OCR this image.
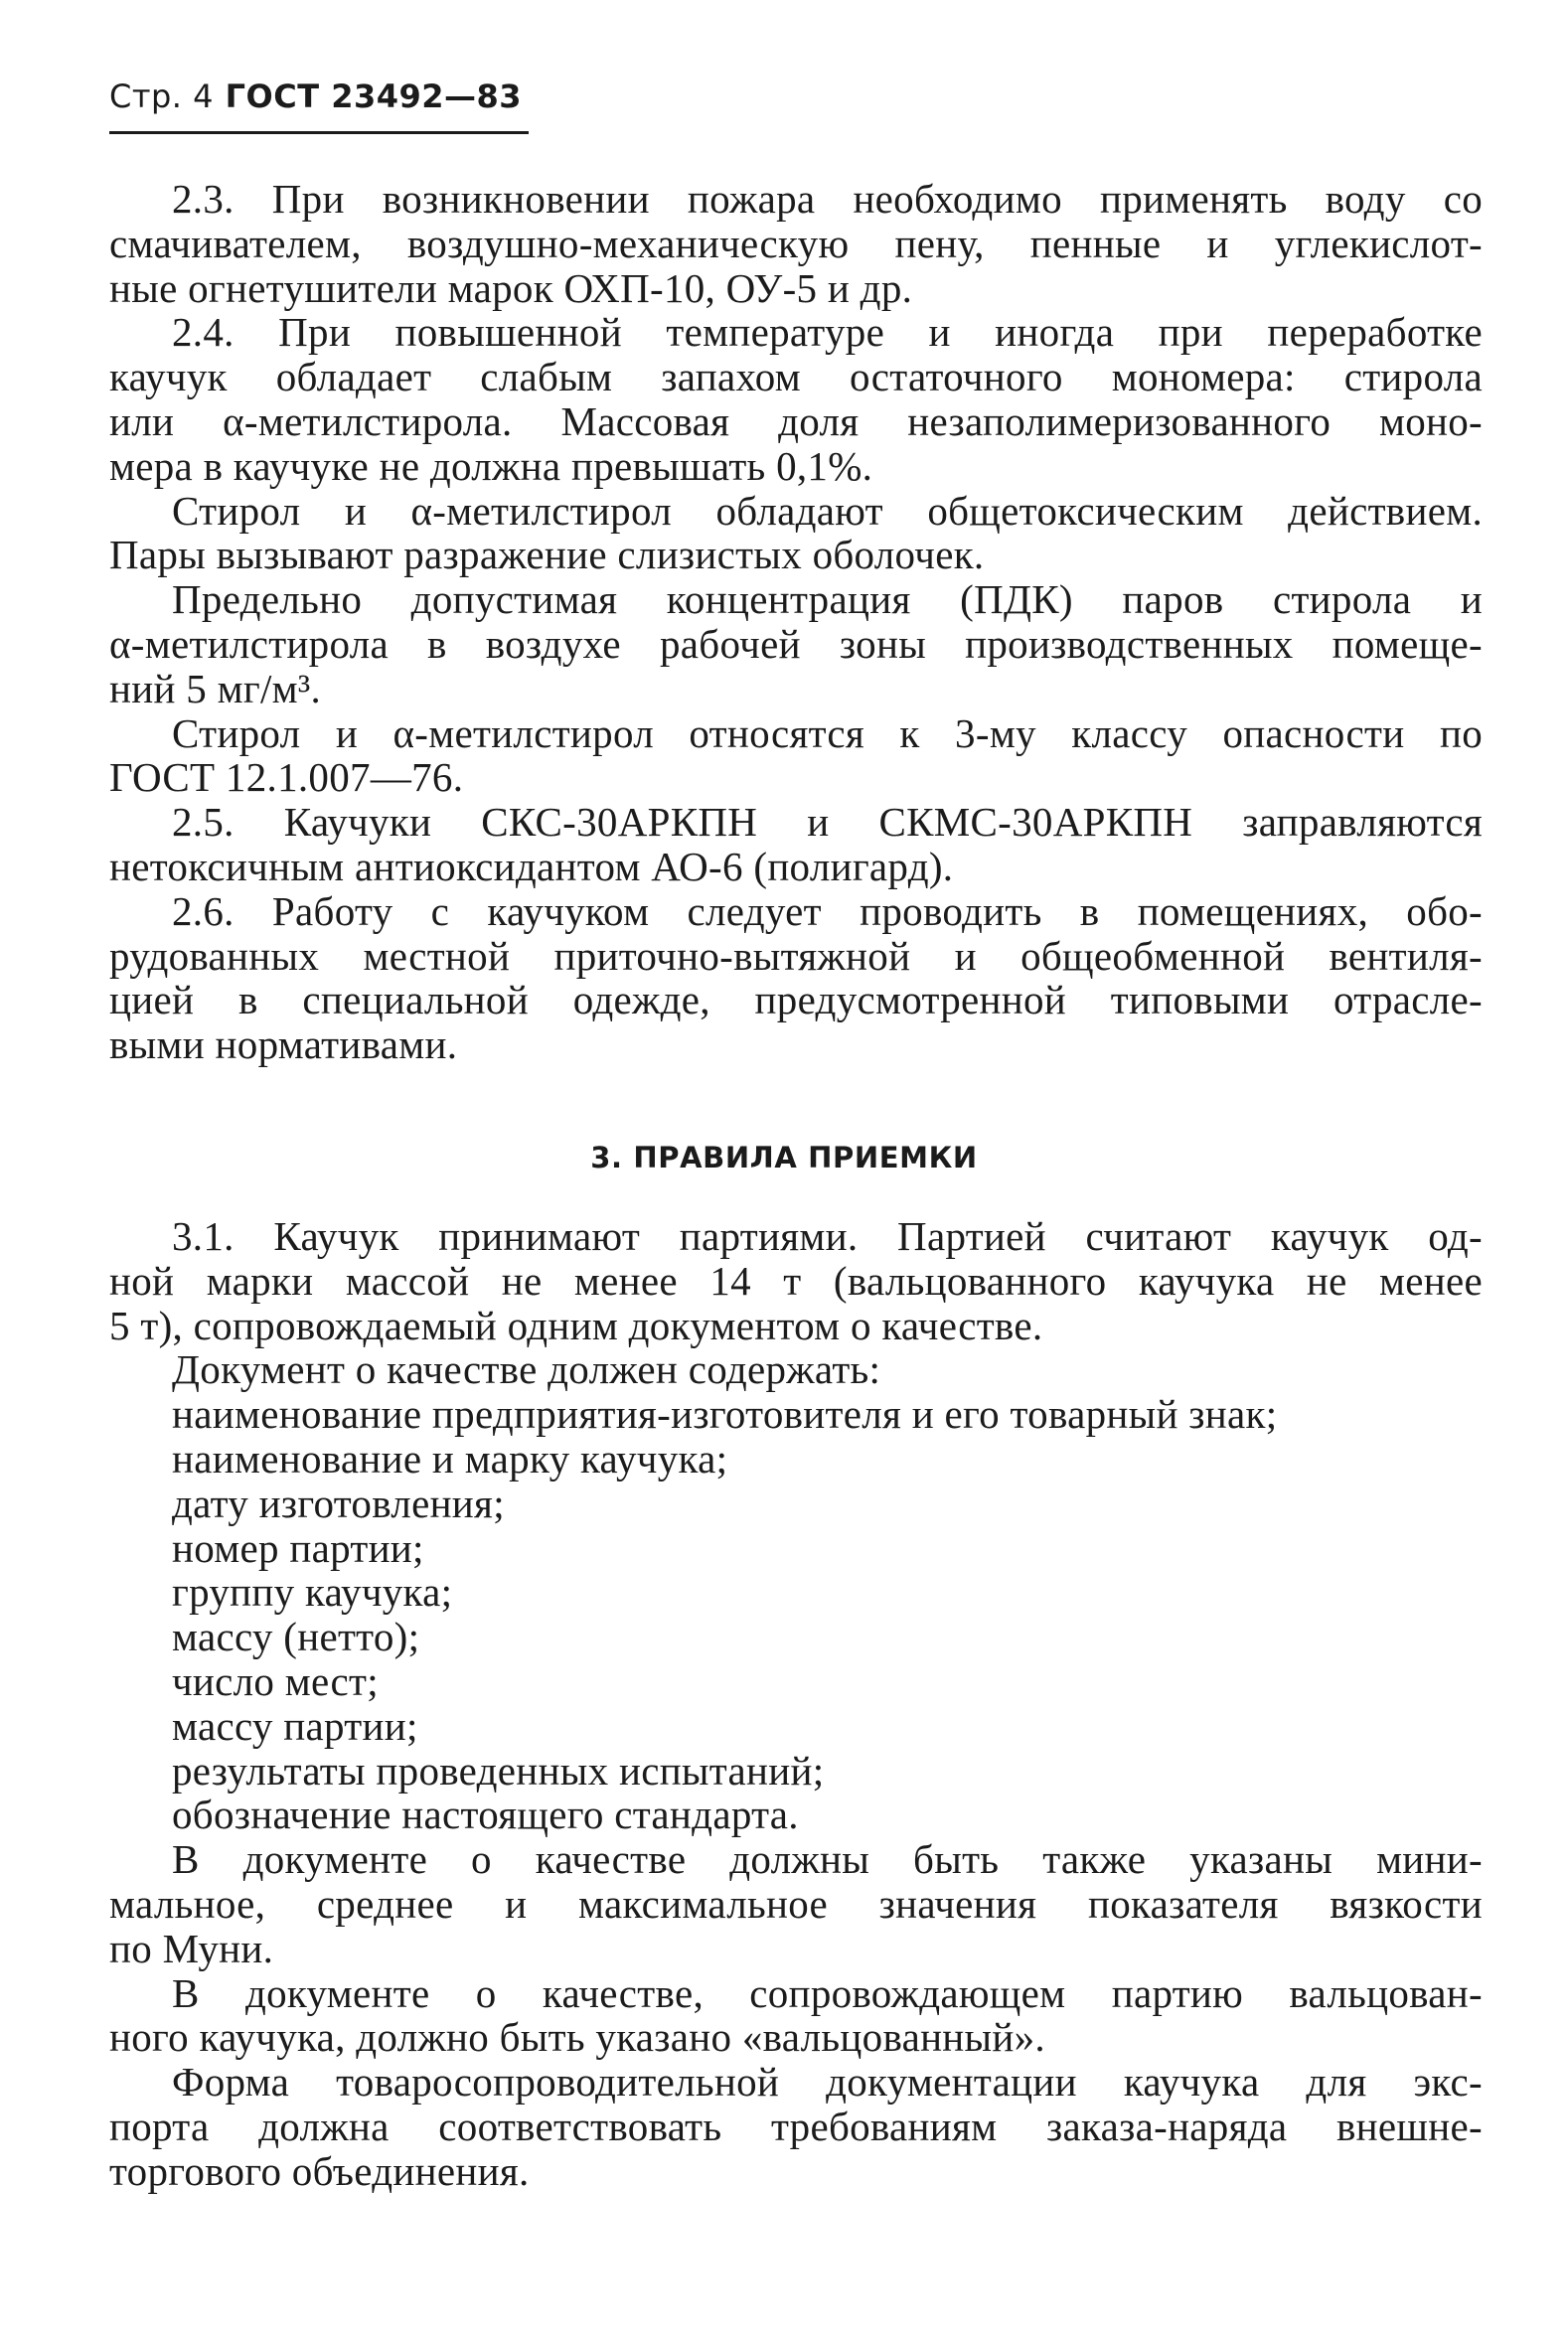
Стр. 4 ГОСТ 23492—83
2.3. При возникновении пожара необходимо применять воду со
смачивателем, воздушно-механическую пену, пенные и углекислот-
ные огнетушители марок ОХП-10, ОУ-5 и др.
2.4. При повышенной температуре и иногда при переработке
каучук обладает слабым запахом остаточного мономера: стирола
или α-метилстирола. Массовая доля незаполимеризованного моно-
мера в каучуке не должна превышать 0,1%.
Стирол и α-метилстирол обладают общетоксическим действием.
Пары вызывают разражение слизистых оболочек.
Предельно допустимая концентрация (ПДК) паров стирола и
α-метилстирола в воздухе рабочей зоны производственных помеще-
ний 5 мг/м³.
Стирол и α-метилстирол относятся к 3-му классу опасности по
ГОСТ 12.1.007—76.
2.5. Каучуки СКС-30АРКПН и СКМС-30АРКПН заправляются
нетоксичным антиоксидантом АО-6 (полигард).
2.6. Работу с каучуком следует проводить в помещениях, обо-
рудованных местной приточно-вытяжной и общеобменной вентиля-
цией в специальной одежде, предусмотренной типовыми отрасле-
выми нормативами.
3. ПРАВИЛА ПРИЕМКИ
3.1. Каучук принимают партиями. Партией считают каучук од-
ной марки массой не менее 14 т (вальцованного каучука не менее
5 т), сопровождаемый одним документом о качестве.
Документ о качестве должен содержать:
наименование предприятия-изготовителя и его товарный знак;
наименование и марку каучука;
дату изготовления;
номер партии;
группу каучука;
массу (нетто);
число мест;
массу партии;
результаты проведенных испытаний;
обозначение настоящего стандарта.
В документе о качестве должны быть также указаны мини-
мальное, среднее и максимальное значения показателя вязкости
по Муни.
В документе о качестве, сопровождающем партию вальцован-
ного каучука, должно быть указано «вальцованный».
Форма товаросопроводительной документации каучука для экс-
порта должна соответствовать требованиям заказа-наряда внешне-
торгового объединения.
